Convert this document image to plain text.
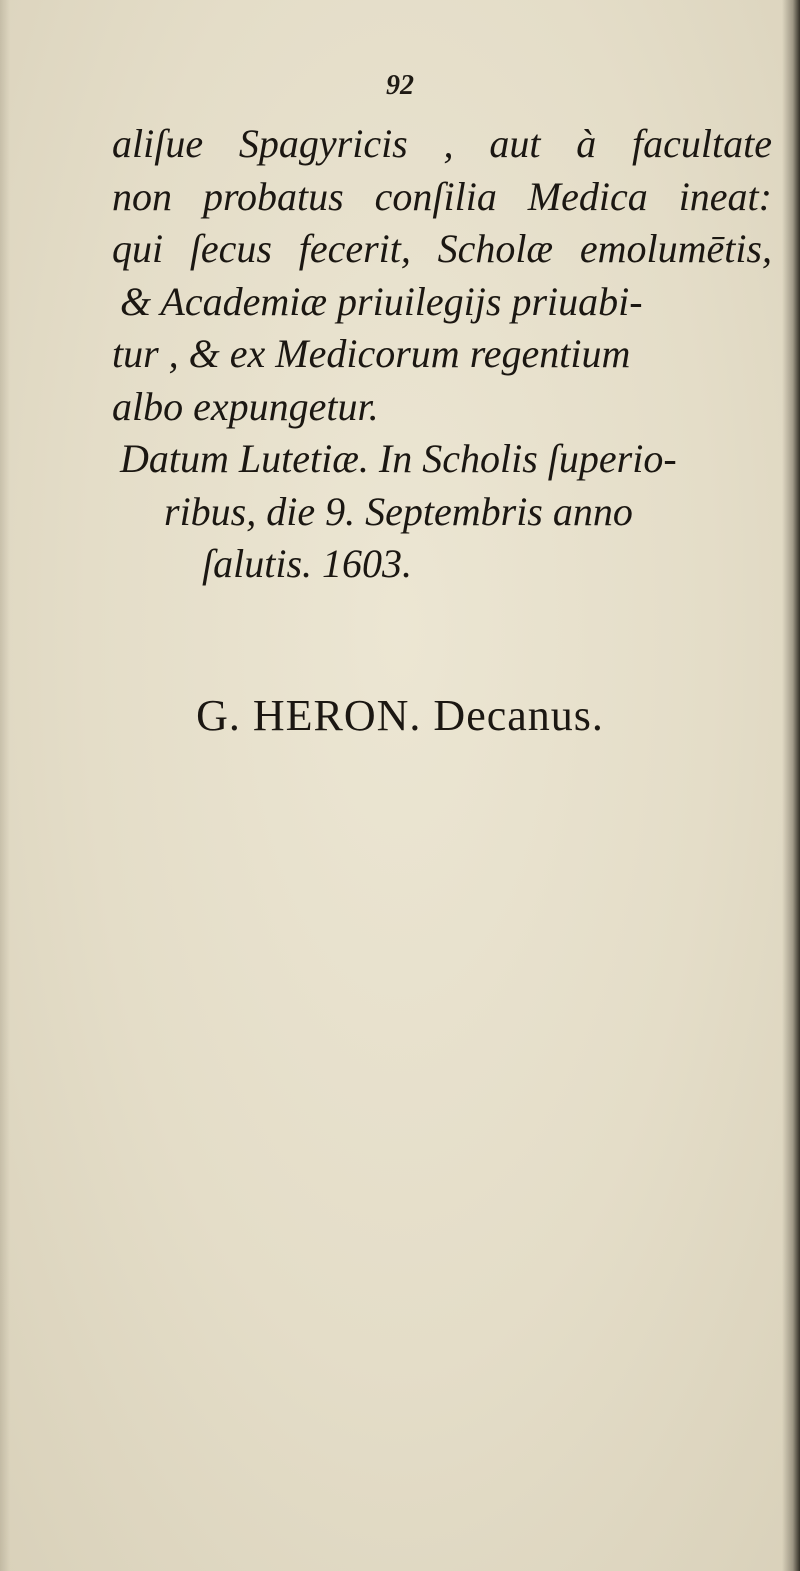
92
aliſue Spagyricis , aut à facultate
non probatus conſilia Medica ineat:
qui ſecus fecerit, Scholæ emolumētis,
& Academiæ priuilegijs priuabi-
tur , & ex Medicorum regentium
albo expungetur.
Datum Lutetiæ. In Scholis ſuperio-
ribus, die 9. Septembris anno
ſalutis. 1603.
G. HERON. Decanus.
